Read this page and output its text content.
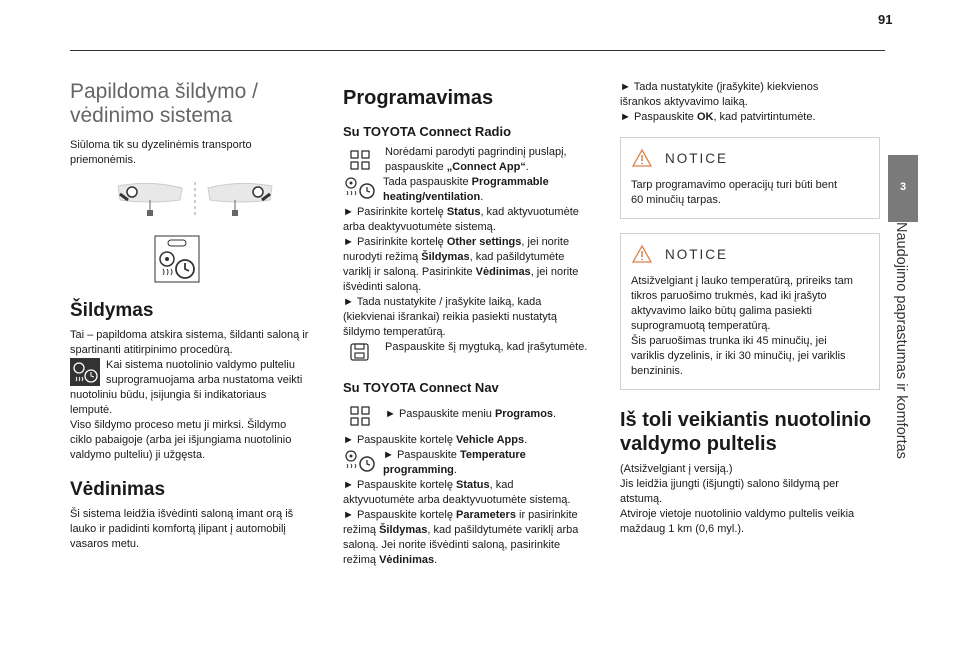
91
3
Naudojimo paprastumas ir komfortas
Papildoma šildymo /
vėdinimo sistema

Siūloma tik su dyzelinėmis transporto
priemonėmis.

Šildymas

Tai – papildoma atskira sistema, šildanti saloną ir
spartinanti atitirpinimo procedūrą.

Kai sistema nuotolinio valdymo pulteliu
suprogramuojama arba nustatoma veikti

nuotoliniu būdu, įsijungia ši indikatoriaus
lemputė.

Viso šildymo proceso metu ji mirksi. Šildymo
ciklo pabaigoje (arba jei išjungiama nuotolinio
valdymo pulteliu) ji užgęsta.

Vėdinimas

Ši sistema leidžia išvėdinti saloną imant orą iš
lauko ir padidinti komfortą įlipant į automobilį
vasaros metu.

Programavimas
Su TOYOTA Connect Radio

Norėdami parodyti pagrindinį puslapį,
paspauskite „Connect App“.

Tada paspauskite Programmable
heating/ventilation.

► Pasirinkite kortelę Status, kad aktyvuotumėte
arba deaktyvuotumėte sistemą.

► Pasirinkite kortelę Other settings, jei norite
nurodyti režimą Šildymas, kad pašildytumėte
variklį ir saloną. Pasirinkite Vėdinimas, jei norite
išvėdinti saloną.

► Tada nustatykite / įrašykite laiką, kada
(kiekvienai išrankai) reikia pasiekti nustatytą
šildymo temperatūrą.

Paspauskite šį mygtuką, kad įrašytumėte.

Su TOYOTA Connect Nav

► Paspauskite meniu Programos.

► Paspauskite kortelę Vehicle Apps.

► Paspauskite Temperature
programming.

► Paspauskite kortelę Status, kad
aktyvuotumėte arba deaktyvuotumėte sistemą.

► Paspauskite kortelę Parameters ir pasirinkite
režimą Šildymas, kad pašildytumėte variklį arba
saloną. Jei norite išvėdinti saloną, pasirinkite
režimą Vėdinimas.

► Tada nustatykite (įrašykite) kiekvienos
išrankos aktyvavimo laiką.

► Paspauskite OK, kad patvirtintumėte.

NOTICE

Tarp programavimo operacijų turi būti bent
60 minučių tarpas.

NOTICE

Atsižvelgiant į lauko temperatūrą, prireiks tam
tikros paruošimo trukmės, kad iki įrašyto
aktyvavimo laiko būtų galima pasiekti
suprogramuotą temperatūrą.
Šis paruošimas trunka iki 45 minučių, jei
variklis dyzelinis, ir iki 30 minučių, jei variklis
benzininis.

Iš toli veikiantis nuotolinio
valdymo pultelis

(Atsižvelgiant į versiją.)
Jis leidžia įjungti (išjungti) salono šildymą per
atstumą.
Atviroje vietoje nuotolinio valdymo pultelis veikia
maždaug 1 km (0,6 myl.).
